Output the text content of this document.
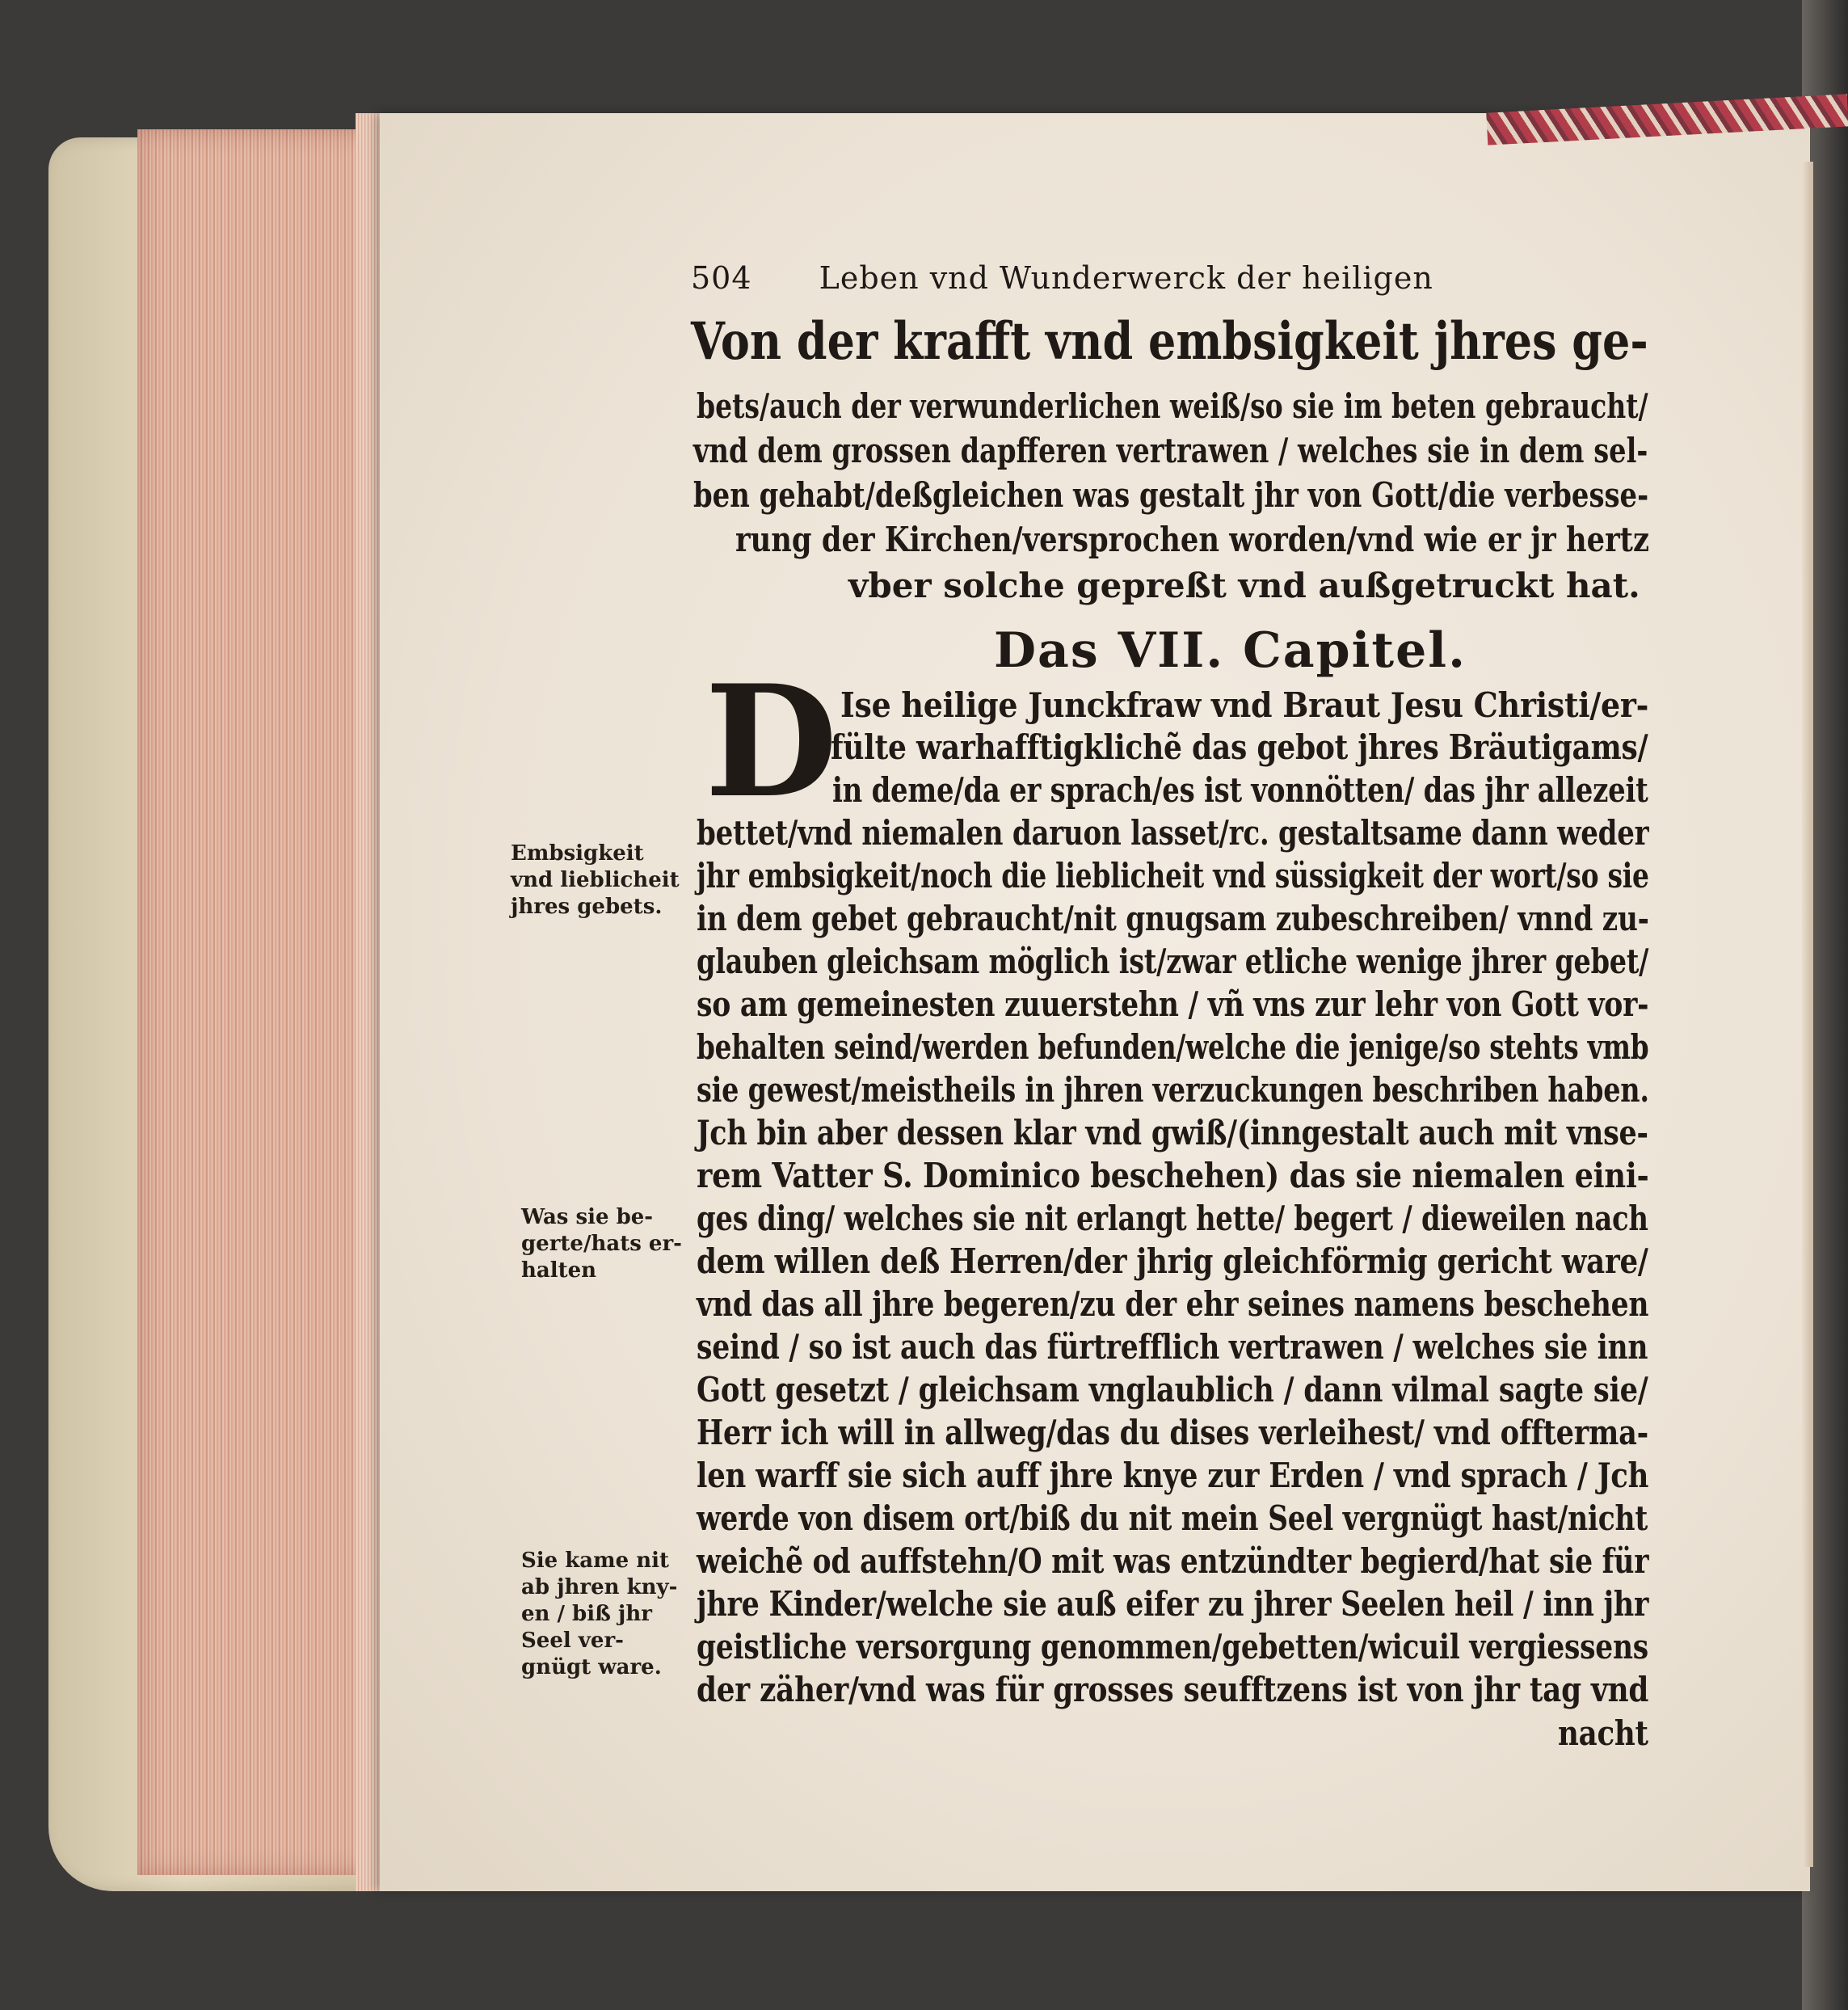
504 Leben vnd Wunderwerck der heiligen
Von der krafft vnd embsigkeit jhres ge-
bets/auch der verwunderlichen weiß/so sie im beten gebraucht/
vnd dem grossen dapfferen vertrawen / welches sie in dem sel-
ben gehabt/deßgleichen was gestalt jhr von Gott/die verbesse-
rung der Kirchen/versprochen worden/vnd wie er jr hertz
vber solche gepreßt vnd außgetruckt hat.
Das VII. Capitel.
D Ise heilige Junckfraw vnd Braut Jesu Christi/er-
fülte warhafftigklichẽ das gebot jhres Bräutigams/
in deme/da er sprach/es ist vonnötten/ das jhr allezeit
bettet/vnd niemalen daruon lasset/rc. gestaltsame dann weder
jhr embsigkeit/noch die lieblicheit vnd süssigkeit der wort/so sie
in dem gebet gebraucht/nit gnugsam zubeschreiben/ vnnd zu-
glauben gleichsam möglich ist/zwar etliche wenige jhrer gebet/
so am gemeinesten zuuerstehn / vñ vns zur lehr von Gott vor-
behalten seind/werden befunden/welche die jenige/so stehts vmb
sie gewest/meistheils in jhren verzuckungen beschriben haben.
Jch bin aber dessen klar vnd gwiß/(inngestalt auch mit vnse-
rem Vatter S. Dominico beschehen) das sie niemalen eini-
ges ding/ welches sie nit erlangt hette/ begert / dieweilen nach
dem willen deß Herren/der jhrig gleichförmig gericht ware/
vnd das all jhre begeren/zu der ehr seines namens beschehen
seind / so ist auch das fürtrefflich vertrawen / welches sie inn
Gott gesetzt / gleichsam vnglaublich / dann vilmal sagte sie/
Herr ich will in allweg/das du dises verleihest/ vnd offterma-
len warff sie sich auff jhre knye zur Erden / vnd sprach / Jch
werde von disem ort/biß du nit mein Seel vergnügt hast/nicht
weichẽ od auffstehn/O mit was entzündter begierd/hat sie für
jhre Kinder/welche sie auß eifer zu jhrer Seelen heil / inn jhr
geistliche versorgung genommen/gebetten/wicuil vergiessens
der zäher/vnd was für grosses seufftzens ist von jhr tag vnd
nacht
Embsigkeit
vnd lieblicheit
jhres gebets.
Was sie be-
gerte/hats er-
halten
Sie kame nit
ab jhren kny-
en / biß jhr
Seel ver-
gnügt ware.
